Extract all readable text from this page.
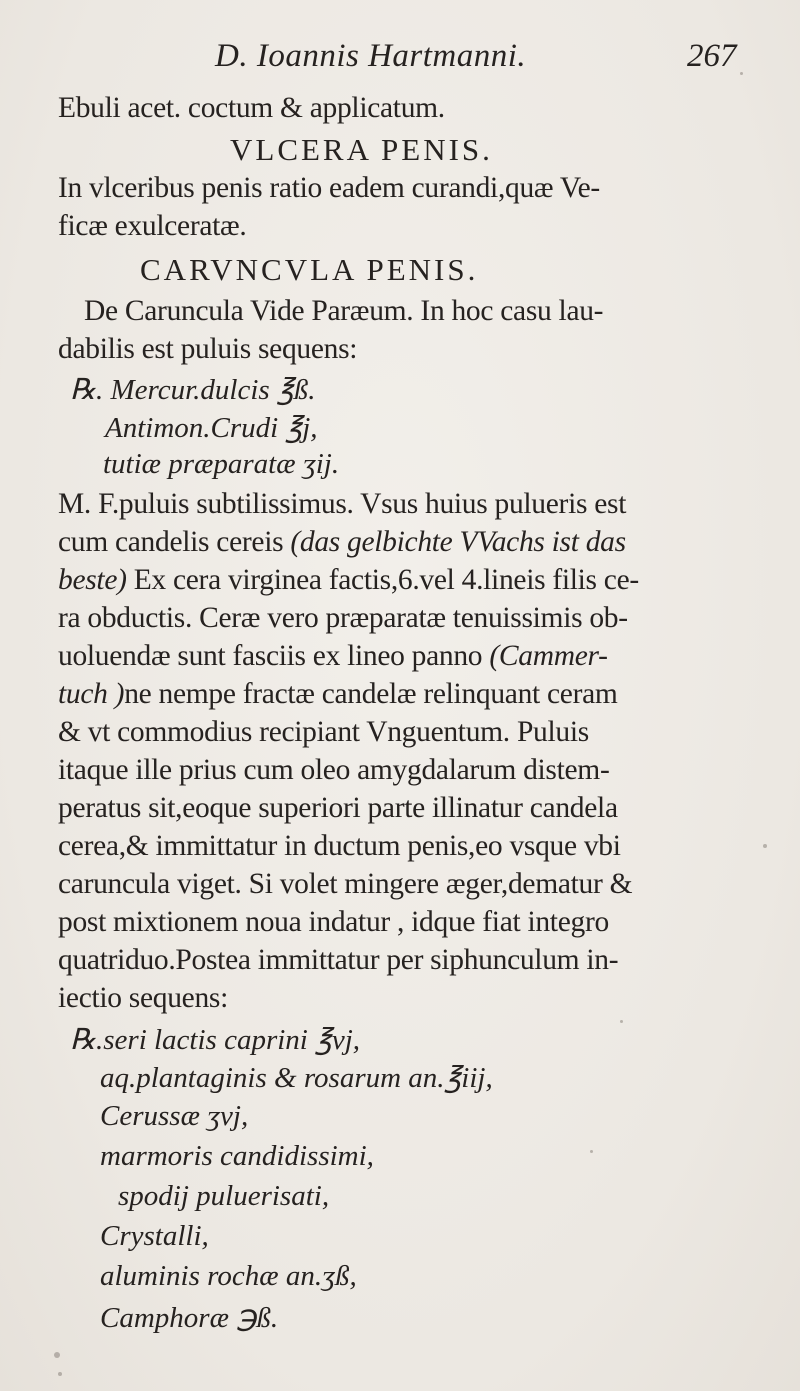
D. Ioannis Hartmanni.	267
Ebuli acet. coctum & applicatum.
VLCERA PENIS.
In vlceribus penis ratio eadem curandi,quæ Ve-
ficæ exulceratæ.
CARVNCVLA PENIS.
De Caruncula Vide Paræum. In hoc casu lau-
dabilis est puluis sequens:
℞. Mercur.dulcis ℥ß.
Antimon.Crudi ℥j,
tutiæ præparatæ ʒij.
M. F.puluis subtilissimus. Vsus huius pulueris est
cum candelis cereis (das gelbichte VVachs ist das
beste) Ex cera virginea factis,6.vel 4.lineis filis ce-
ra obductis. Ceræ vero præparatæ tenuissimis ob-
uoluendæ sunt fasciis ex lineo panno (Cammer-
tuch )ne nempe fractæ candelæ relinquant ceram
& vt commodius recipiant Vnguentum. Puluis
itaque ille prius cum oleo amygdalarum distem-
peratus sit,eoque superiori parte illinatur candela
cerea,& immittatur in ductum penis,eo vsque vbi
caruncula viget. Si volet mingere æger,dematur &
post mixtionem noua indatur , idque fiat integro
quatriduo.Postea immittatur per siphunculum in-
iectio sequens:
℞.seri lactis caprini ℥vj,
aq.plantaginis & rosarum an.℥iij,
Cerussæ ʒvj,
marmoris candidissimi,
spodij puluerisati,
Crystalli,
aluminis rochæ an.ʒß,
Camphoræ ℈ß.
